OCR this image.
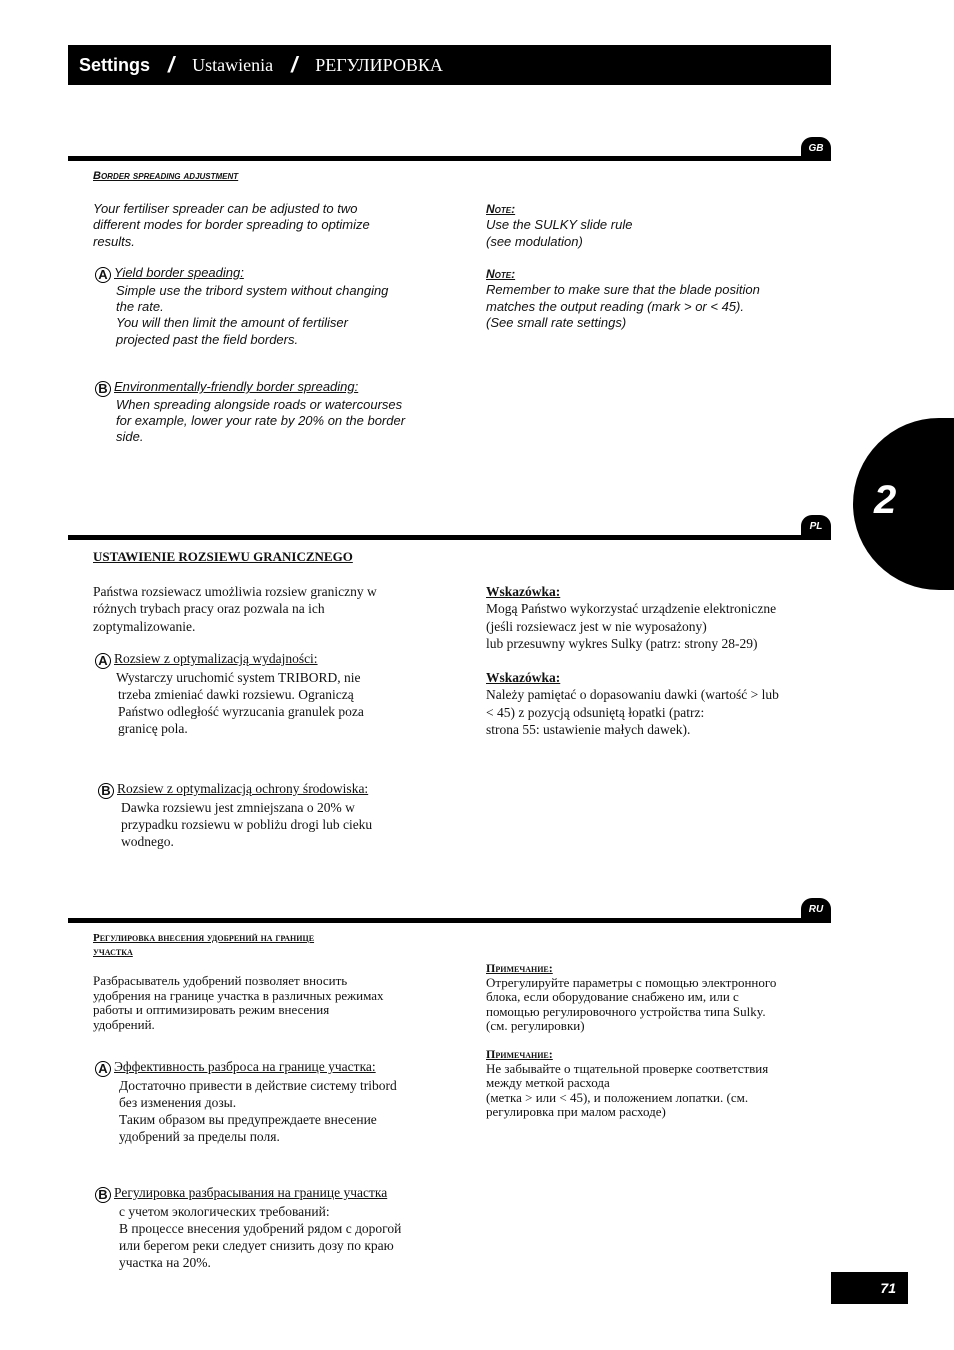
Settings / Ustawienia / РЕГУЛИРОВКА
2
GB
Border spreading adjustment
Your fertiliser spreader can be adjusted to two
different modes for border spreading to optimize
results.
A Yield border speading:
Simple use the tribord system without changing
the rate.
You will then limit the amount of fertiliser
projected past the field borders.
B Environmentally-friendly border spreading:
When spreading alongside roads or watercourses
for example, lower your rate by 20% on the border
side.
Note:
Use the SULKY slide rule
(see modulation)
Note:
Remember to make sure that the blade position
matches the output reading (mark > or < 45).
(See small rate settings)
PL
USTAWIENIE ROZSIEWU GRANICZNEGO
Państwa rozsiewacz umożliwia rozsiew graniczny w
różnych trybach pracy oraz pozwala na ich
zoptymalizowanie.
A Rozsiew z optymalizacją wydajności:
Wystarczy uruchomić system TRIBORD, nie
trzeba zmieniać dawki rozsiewu. Ograniczą
Państwo odległość wyrzucania granulek poza
granicę pola.
B Rozsiew z optymalizacją ochrony środowiska:
Dawka rozsiewu jest zmniejszana o 20% w
przypadku rozsiewu w pobliżu drogi lub cieku
wodnego.
Wskazówka:
Mogą Państwo wykorzystać urządzenie elektroniczne
(jeśli rozsiewacz jest w nie wyposażony)
lub przesuwny wykres Sulky (patrz: strony 28-29)
Wskazówka:
Należy pamiętać o dopasowaniu dawki (wartość > lub
< 45) z pozycją odsuniętą łopatki (patrz:
strona 55: ustawienie małych dawek).
RU
Регулировка внесения удобрений на границе
участка
Разбрасыватель удобрений позволяет вносить
удобрения на границе участка в различных режимах
работы и оптимизировать режим внесения
удобрений.
A Эффективность разброса на границе участка:
Достаточно привести в действие систему tribord
без изменения дозы.
Таким образом вы предупреждаете внесение
удобрений за пределы поля.
B Регулировка разбрасывания на границе участка
с учетом экологических требований:
В процессе внесения удобрений рядом с дорогой
или берегом реки следует снизить дозу по краю
участка на 20%.
Примечание:
Отрегулируйте параметры с помощью электронного
блока, если оборудование снабжено им, или с
помощью регулировочного устройства типа Sulky.
(см. регулировки)
Примечание:
Не забывайте о тщательной проверке соответствия
между меткой расхода
(метка > или < 45), и положением лопатки. (см.
регулировка при малом расходе)
71
